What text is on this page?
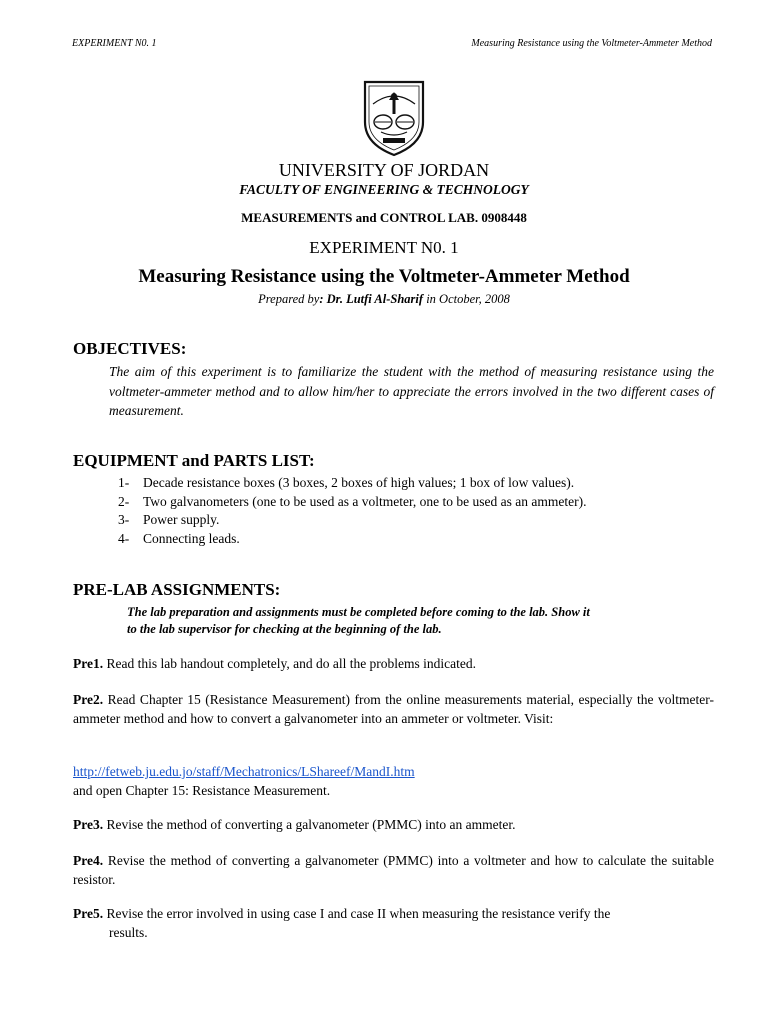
EXPERIMENT N0. 1	Measuring Resistance using the Voltmeter-Ammeter Method
UNIVERSITY OF JORDAN
FACULTY OF ENGINEERING & TECHNOLOGY
MEASUREMENTS and CONTROL LAB. 0908448
EXPERIMENT N0. 1
Measuring Resistance using the Voltmeter-Ammeter Method
Prepared by: Dr. Lutfi Al-Sharif in October, 2008
OBJECTIVES:
The aim of this experiment is to familiarize the student with the method of measuring resistance using the voltmeter-ammeter method and to allow him/her to appreciate the errors involved in the two different cases of measurement.
EQUIPMENT and PARTS LIST:
1- Decade resistance boxes (3 boxes, 2 boxes of high values; 1 box of low values).
2- Two galvanometers (one to be used as a voltmeter, one to be used as an ammeter).
3- Power supply.
4- Connecting leads.
PRE-LAB ASSIGNMENTS:
The lab preparation and assignments must be completed before coming to the lab. Show it
to the lab supervisor for checking at the beginning of the lab.
Pre1. Read this lab handout completely, and do all the problems indicated.
Pre2. Read Chapter 15 (Resistance Measurement) from the online measurements material, especially the voltmeter-ammeter method and how to convert a galvanometer into an ammeter or voltmeter. Visit:
http://fetweb.ju.edu.jo/staff/Mechatronics/LShareef/MandI.htm
and open Chapter 15: Resistance Measurement.
Pre3. Revise the method of converting a galvanometer (PMMC) into an ammeter.
Pre4. Revise the method of converting a galvanometer (PMMC) into a voltmeter and how to calculate the suitable resistor.
Pre5. Revise the error involved in using case I and case II when measuring the resistance verify the
results.
